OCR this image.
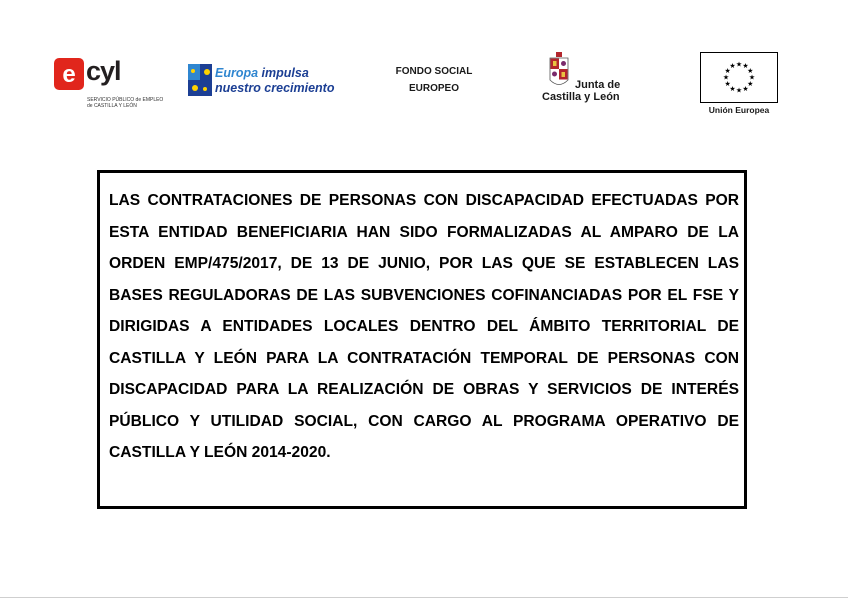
e cyl
SERVICIO PÚBLICO de EMPLEO
de CASTILLA Y LEÓN
Europa impulsa
nuestro crecimiento
FONDO SOCIAL
EUROPEO	Junta de
Castilla y León
★ ★
★
★
★
★
★
★
★
★
★
★
Unión Europea

LAS CONTRATACIONES DE PERSONAS CON DISCAPACIDAD EFECTUADAS POR ESTA ENTIDAD BENEFICIARIA HAN SIDO FORMALIZADAS AL AMPARO DE LA ORDEN EMP/475/2017, DE 13 DE JUNIO, POR LAS QUE SE ESTABLECEN LAS BASES REGULADORAS DE LAS SUBVENCIONES COFINANCIADAS POR EL FSE Y DIRIGIDAS A ENTIDADES LOCALES DENTRO DEL ÁMBITO TERRITORIAL DE CASTILLA Y LEÓN PARA LA CONTRATACIÓN TEMPORAL DE PERSONAS CON DISCAPACIDAD PARA LA REALIZACIÓN DE OBRAS Y SERVICIOS DE INTERÉS PÚBLICO Y UTILIDAD SOCIAL, CON CARGO AL PROGRAMA OPERATIVO DE CASTILLA Y LEÓN 2014-2020.
